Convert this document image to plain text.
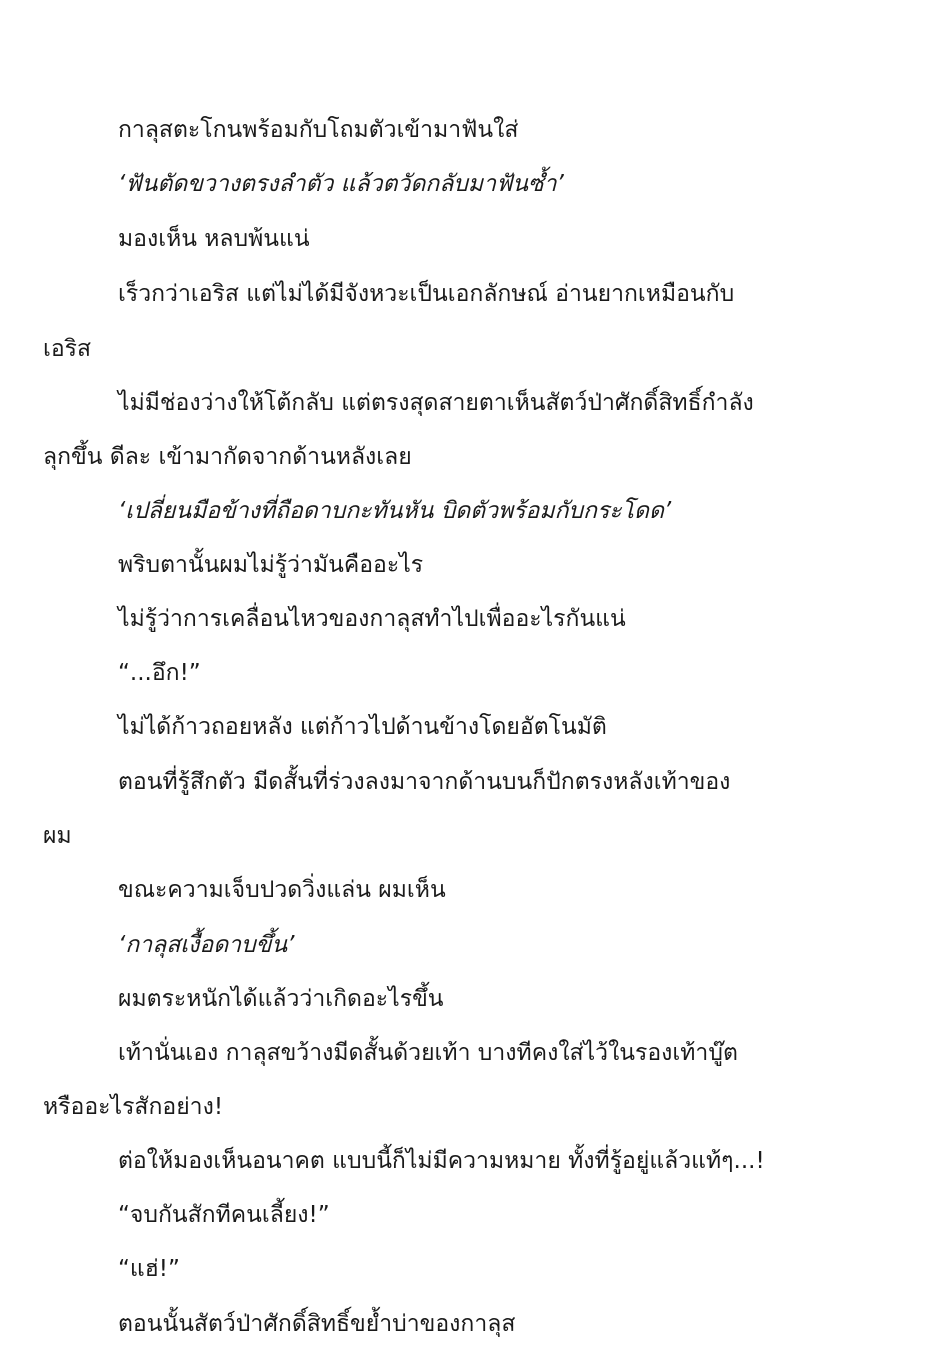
กาลุสตะโกนพร้อมกับโถมตัวเข้ามาฟันใส่
‘ฟันตัดขวางตรงลำตัว แล้วตวัดกลับมาฟันซ้ำ’
มองเห็น หลบพ้นแน่
เร็วกว่าเอริส แต่ไม่ได้มีจังหวะเป็นเอกลักษณ์ อ่านยากเหมือนกับ
เอริส
ไม่มีช่องว่างให้โต้กลับ แต่ตรงสุดสายตาเห็นสัตว์ป่าศักดิ์สิทธิ์กำลัง
ลุกขึ้น ดีละ เข้ามากัดจากด้านหลังเลย
‘เปลี่ยนมือข้างที่ถือดาบกะทันหัน บิดตัวพร้อมกับกระโดด’
พริบตานั้นผมไม่รู้ว่ามันคืออะไร
ไม่รู้ว่าการเคลื่อนไหวของกาลุสทำไปเพื่ออะไรกันแน่
“...อึก!”
ไม่ได้ก้าวถอยหลัง แต่ก้าวไปด้านข้างโดยอัตโนมัติ
ตอนที่รู้สึกตัว มีดสั้นที่ร่วงลงมาจากด้านบนก็ปักตรงหลังเท้าของ
ผม
ขณะความเจ็บปวดวิ่งแล่น ผมเห็น
‘กาลุสเงื้อดาบขึ้น’
ผมตระหนักได้แล้วว่าเกิดอะไรขึ้น
เท้านั่นเอง กาลุสขว้างมีดสั้นด้วยเท้า บางทีคงใส่ไว้ในรองเท้าบู๊ต
หรืออะไรสักอย่าง!
ต่อให้มองเห็นอนาคต แบบนี้ก็ไม่มีความหมาย ทั้งที่รู้อยู่แล้วแท้ๆ...!
“จบกันสักทีคนเลี้ยง!”
“แฮ่!”
ตอนนั้นสัตว์ป่าศักดิ์สิทธิ์ขย้ำบ่าของกาลุส
